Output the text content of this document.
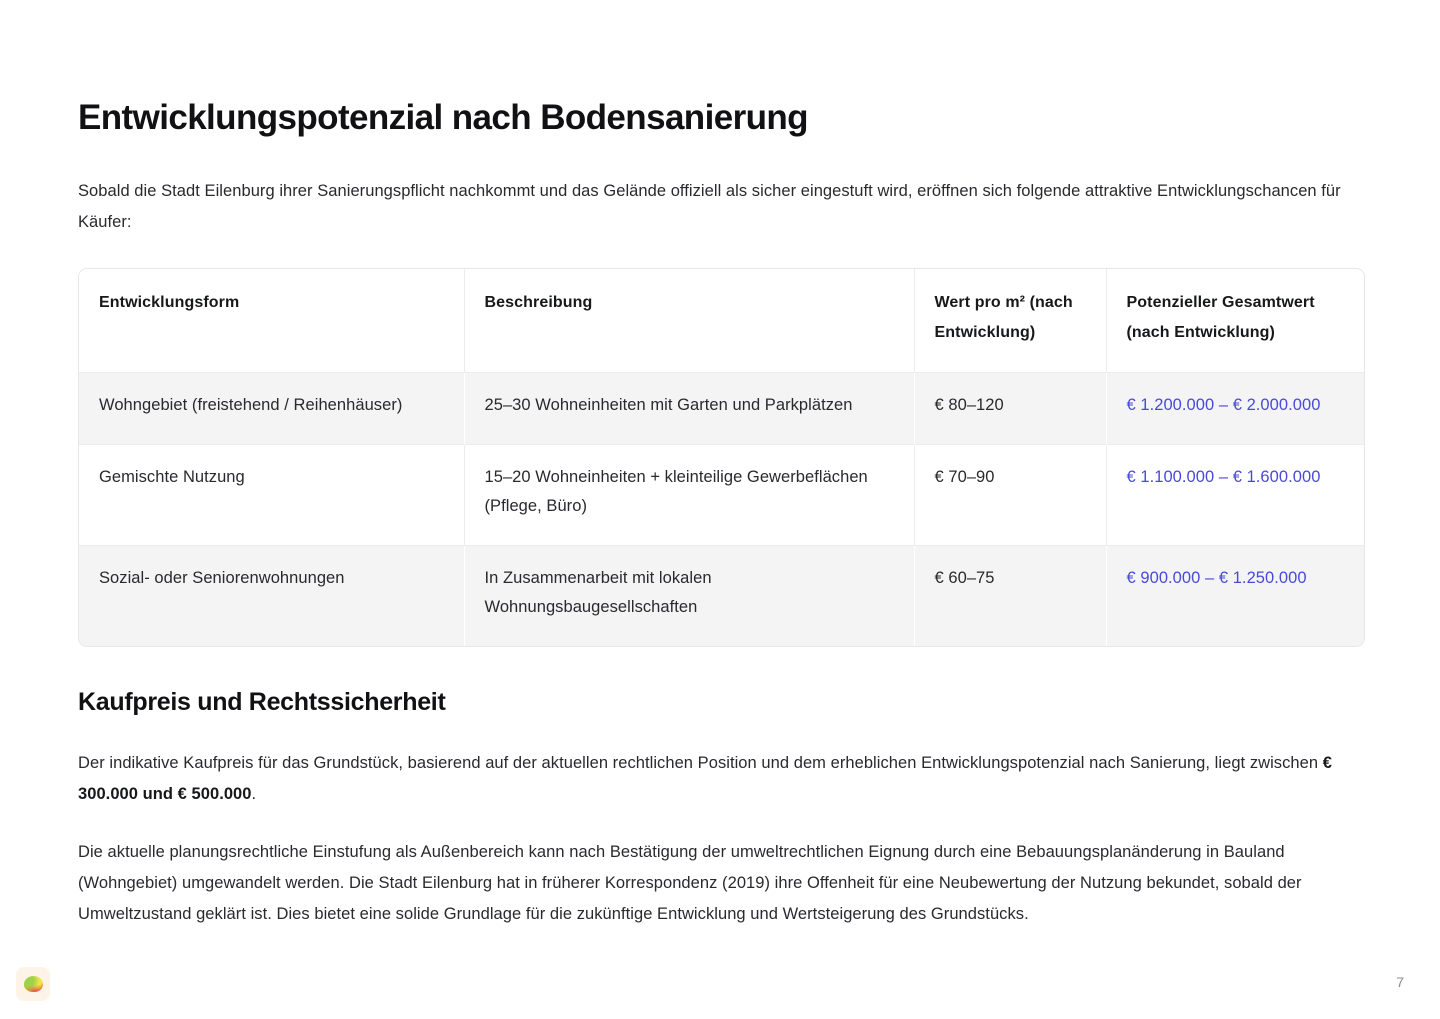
Entwicklungspotenzial nach Bodensanierung

Sobald die Stadt Eilenburg ihrer Sanierungspflicht nachkommt und das Gelände offiziell als sicher eingestuft wird, eröffnen sich folgende attraktive Entwicklungschancen für Käufer:

Entwicklungsform	Beschreibung	Wert pro m² (nach Entwicklung)	Potenzieller Gesamtwert (nach Entwicklung)
Wohngebiet (freistehend / Reihenhäuser)	25–30 Wohneinheiten mit Garten und Parkplätzen	€ 80–120	€ 1.200.000 – € 2.000.000
Gemischte Nutzung	15–20 Wohneinheiten + kleinteilige Gewerbeflächen (Pflege, Büro)	€ 70–90	€ 1.100.000 – € 1.600.000
Sozial- oder Seniorenwohnungen	In Zusammenarbeit mit lokalen Wohnungsbaugesellschaften	€ 60–75	€ 900.000 – € 1.250.000
Kaufpreis und Rechtssicherheit

Der indikative Kaufpreis für das Grundstück, basierend auf der aktuellen rechtlichen Position und dem erheblichen Entwicklungspotenzial nach Sanierung, liegt zwischen € 300.000 und € 500.000.

Die aktuelle planungsrechtliche Einstufung als Außenbereich kann nach Bestätigung der umweltrechtlichen Eignung durch eine Bebauungsplanänderung in Bauland (Wohngebiet) umgewandelt werden. Die Stadt Eilenburg hat in früherer Korrespondenz (2019) ihre Offenheit für eine Neubewertung der Nutzung bekundet, sobald der Umweltzustand geklärt ist. Dies bietet eine solide Grundlage für die zukünftige Entwicklung und Wertsteigerung des Grundstücks.

7
